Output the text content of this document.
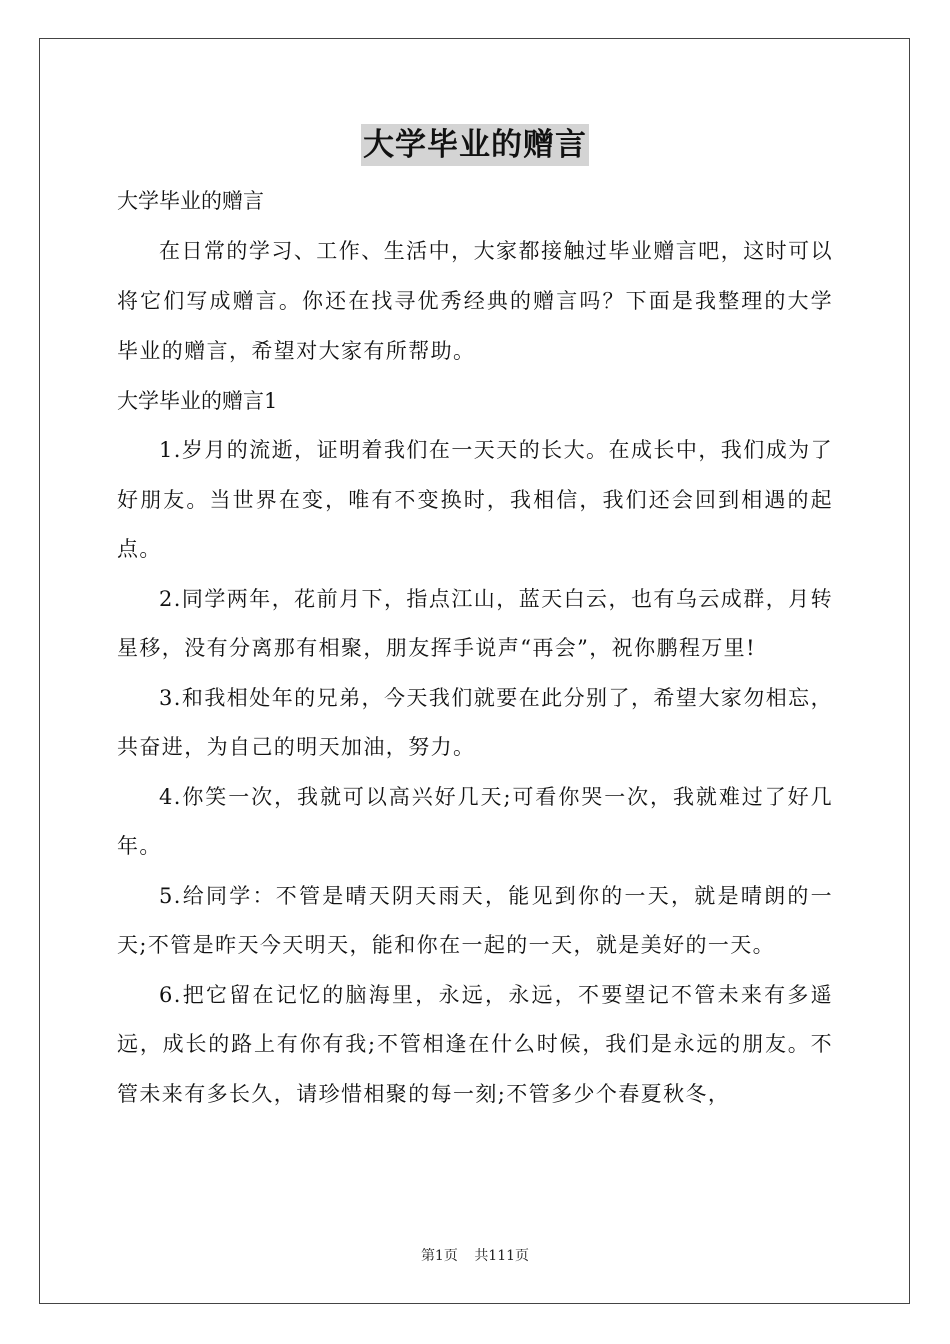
大学毕业的赠言

大学毕业的赠言

在日常的学习、工作、生活中，大家都接触过毕业赠言吧，这时可以将它们写成赠言。你还在找寻优秀经典的赠言吗？下面是我整理的大学毕业的赠言，希望对大家有所帮助。

大学毕业的赠言1

1.岁月的流逝，证明着我们在一天天的长大。在成长中，我们成为了好朋友。当世界在变，唯有不变换时，我相信，我们还会回到相遇的起点。

2.同学两年，花前月下，指点江山，蓝天白云，也有乌云成群，月转星移，没有分离那有相聚，朋友挥手说声“再会”，祝你鹏程万里!

3.和我相处年的兄弟，今天我们就要在此分别了，希望大家勿相忘，共奋进，为自己的明天加油，努力。

4.你笑一次，我就可以高兴好几天;可看你哭一次，我就难过了好几年。

5.给同学：不管是晴天阴天雨天，能见到你的一天，就是晴朗的一天;不管是昨天今天明天，能和你在一起的一天，就是美好的一天。

6.把它留在记忆的脑海里，永远，永远，不要望记不管未来有多遥远，成长的路上有你有我;不管相逢在什么时候，我们是永远的朋友。不管未来有多长久，请珍惜相聚的每一刻;不管多少个春夏秋冬，

第1页 共111页
